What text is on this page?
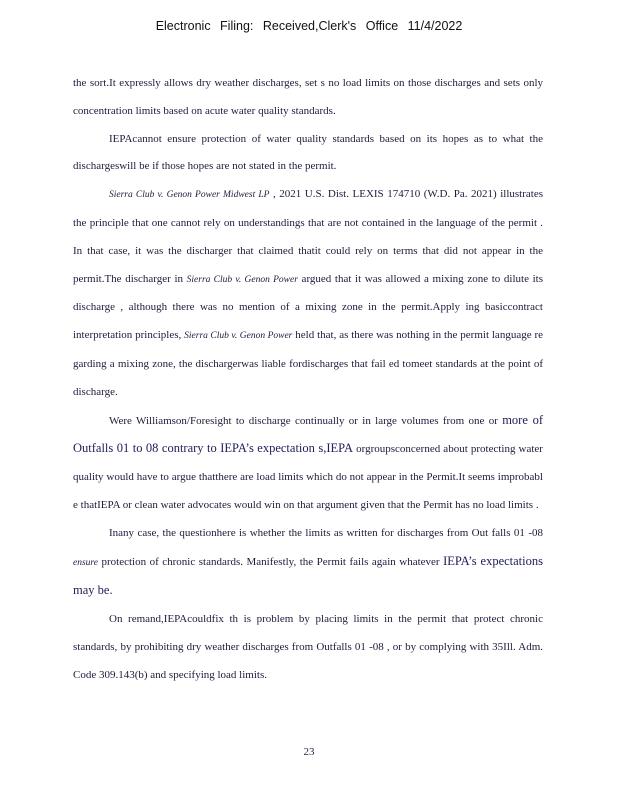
Electronic Filing: Received,Clerk's Office 11/4/2022

the sort.It expressly allows dry weather discharges, set s no load limits on those discharges and sets only concentration limits based on acute water quality standards.

IEPAcannot ensure protection of water quality standards based on its hopes as to what the dischargeswill be if those hopes are not stated in the permit.

Sierra Club v. Genon Power Midwest LP , 2021 U.S. Dist. LEXIS 174710 (W.D. Pa. 2021) illustrates the principle that one cannot rely on understandings that are not contained in the language of the permit . In that case, it was the discharger that claimed thatit could rely on terms that did not appear in the permit.The discharger in Sierra Club v. Genon Power argued that it was allowed a mixing zone to dilute its discharge , although there was no mention of a mixing zone in the permit.Apply ing basiccontract interpretation principles, Sierra Club v. Genon Power held that, as there was nothing in the permit language re garding a mixing zone, the dischargerwas liable fordischarges that fail ed tomeet standards at the point of discharge.

Were Williamson/Foresight to discharge continually or in large volumes from one or more of Outfalls 01 to 08 contrary to IEPA’s expectation s,IEPA orgroupsconcerned about protecting water quality would have to argue thatthere are load limits which do not appear in the Permit.It seems improbabl e thatIEPA or clean water advocates would win on that argument given that the Permit has no load limits .

Inany case, the questionhere is whether the limits as written for discharges from Out falls 01 -08 ensure protection of chronic standards. Manifestly, the Permit fails again whatever IEPA’s expectations may be.

On remand,IEPAcouldfix th is problem by placing limits in the permit that protect chronic standards, by prohibiting dry weather discharges from Outfalls 01 -08 , or by complying with 35Ill. Adm. Code 309.143(b) and specifying load limits.

23
